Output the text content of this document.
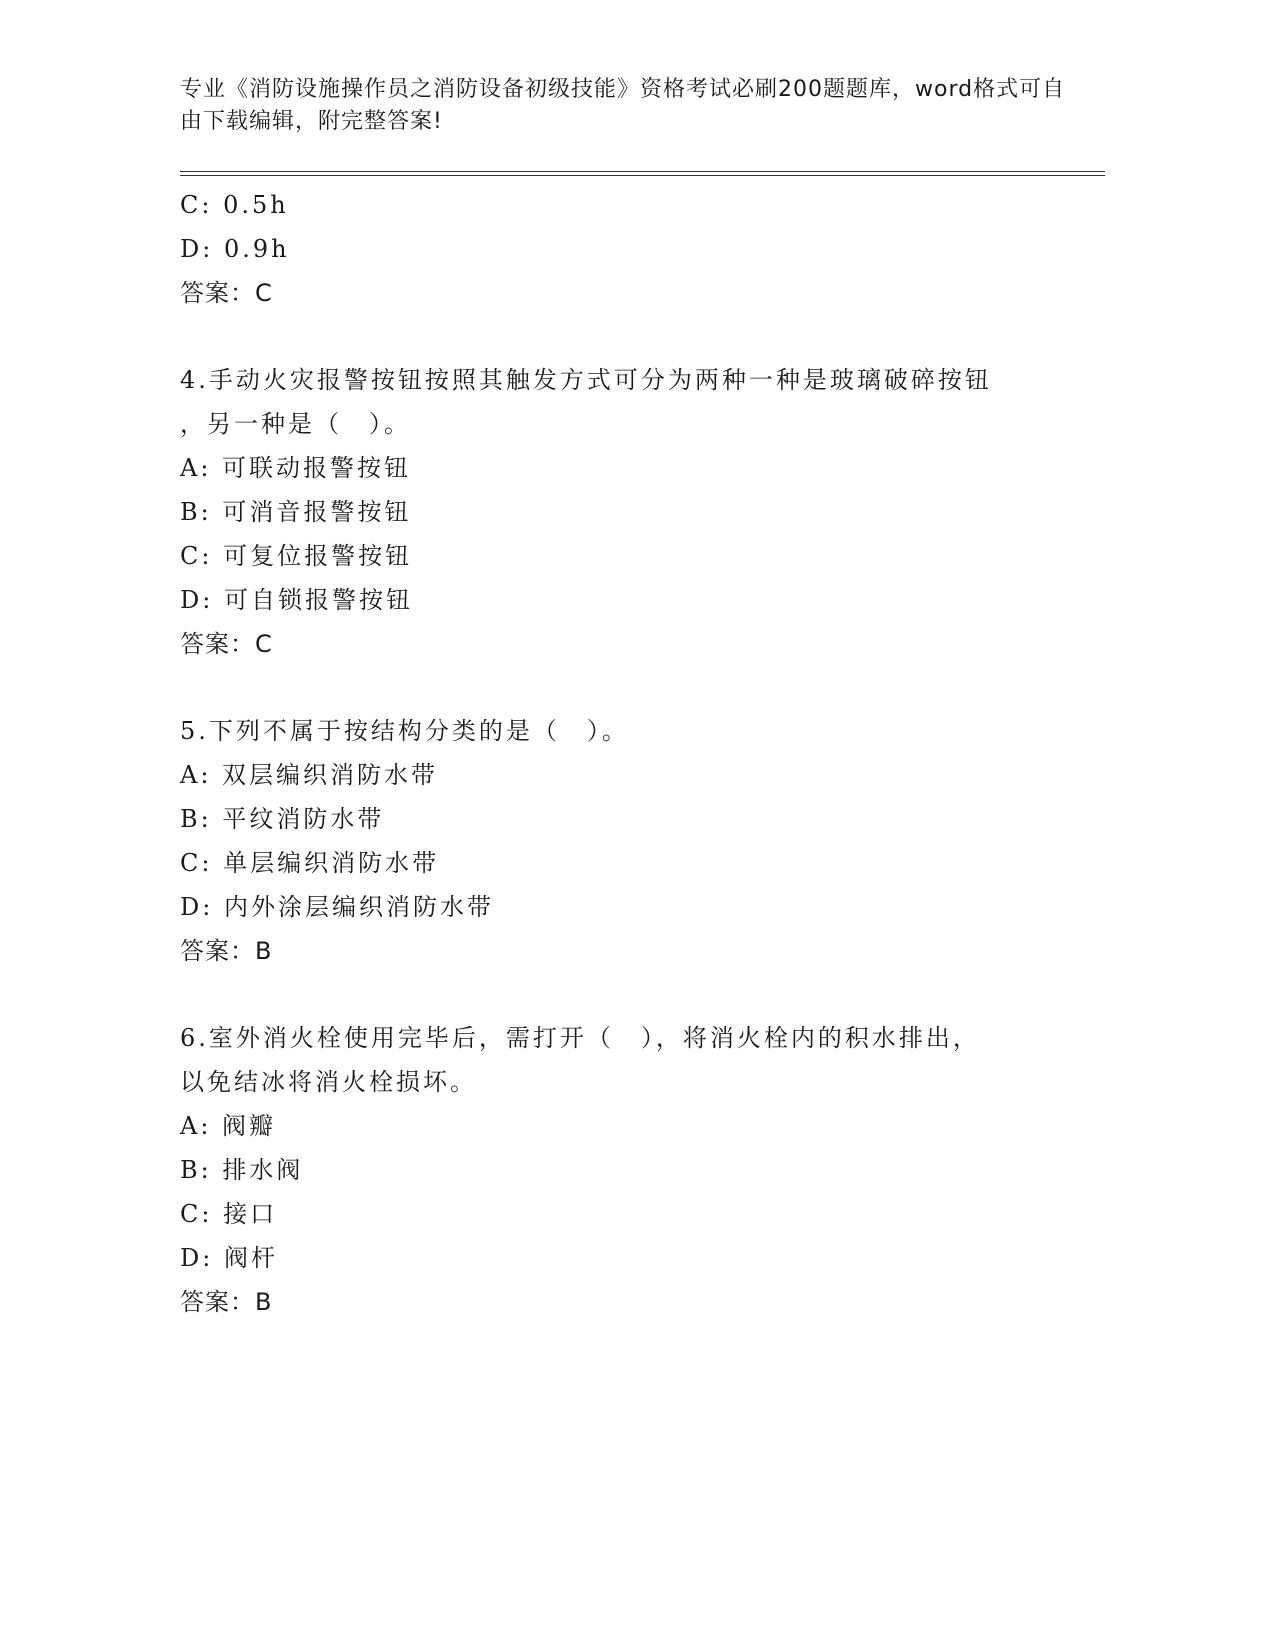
专业《消防设施操作员之消防设备初级技能》资格考试必刷200题题库，word格式可自由下载编辑，附完整答案!
C: 0.5h
D: 0.9h
答案：C
4.手动火灾报警按钮按照其触发方式可分为两种一种是玻璃破碎按钮
，另一种是（　）。
A: 可联动报警按钮
B: 可消音报警按钮
C: 可复位报警按钮
D: 可自锁报警按钮
答案：C
5.下列不属于按结构分类的是（　）。
A: 双层编织消防水带
B: 平纹消防水带
C: 单层编织消防水带
D: 内外涂层编织消防水带
答案：B
6.室外消火栓使用完毕后，需打开（　），将消火栓内的积水排出，
以免结冰将消火栓损坏。
A: 阀瓣
B: 排水阀
C: 接口
D: 阀杆
答案：B
